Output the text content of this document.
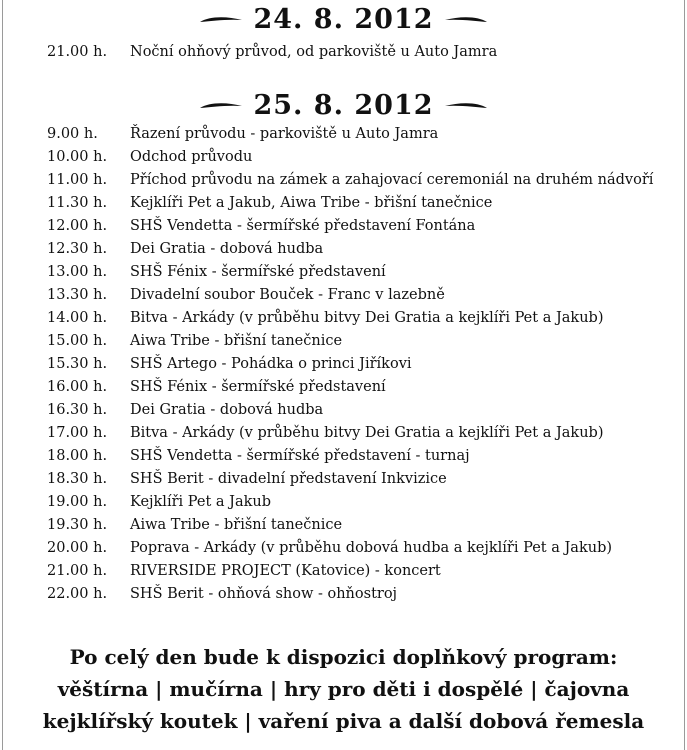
24. 8. 2012
21.00 h. Noční ohňový průvod, od parkoviště u Auto Jamra
25. 8. 2012
9.00 h. Řazení průvodu - parkoviště u Auto Jamra
10.00 h. Odchod průvodu
11.00 h. Příchod průvodu na zámek a zahajovací ceremoniál na druhém nádvoří
11.30 h. Kejklíři Pet a Jakub, Aiwa Tribe - břišní tanečnice
12.00 h. SHŠ Vendetta - šermířské představení Fontána
12.30 h. Dei Gratia - dobová hudba
13.00 h. SHŠ Fénix - šermířské představení
13.30 h. Divadelní soubor Bouček - Franc v lazebně
14.00 h. Bitva - Arkády (v průběhu bitvy Dei Gratia a kejklíři Pet a Jakub)
15.00 h. Aiwa Tribe - břišní tanečnice
15.30 h. SHŠ Artego - Pohádka o princi Jiříkovi
16.00 h. SHŠ Fénix - šermířské představení
16.30 h. Dei Gratia - dobová hudba
17.00 h. Bitva - Arkády (v průběhu bitvy Dei Gratia a kejklíři Pet a Jakub)
18.00 h. SHŠ Vendetta - šermířské představení - turnaj
18.30 h. SHŠ Berit - divadelní představení Inkvizice
19.00 h. Kejklíři Pet a Jakub
19.30 h. Aiwa Tribe - břišní tanečnice
20.00 h. Poprava - Arkády (v průběhu dobová hudba a kejklíři Pet a Jakub)
21.00 h. RIVERSIDE PROJECT (Katovice) - koncert
22.00 h. SHŠ Berit - ohňová show - ohňostroj
Po celý den bude k dispozici doplňkový program:
věštírna | mučírna | hry pro děti i dospělé | čajovna
kejklířský koutek | vaření piva a další dobová řemesla
